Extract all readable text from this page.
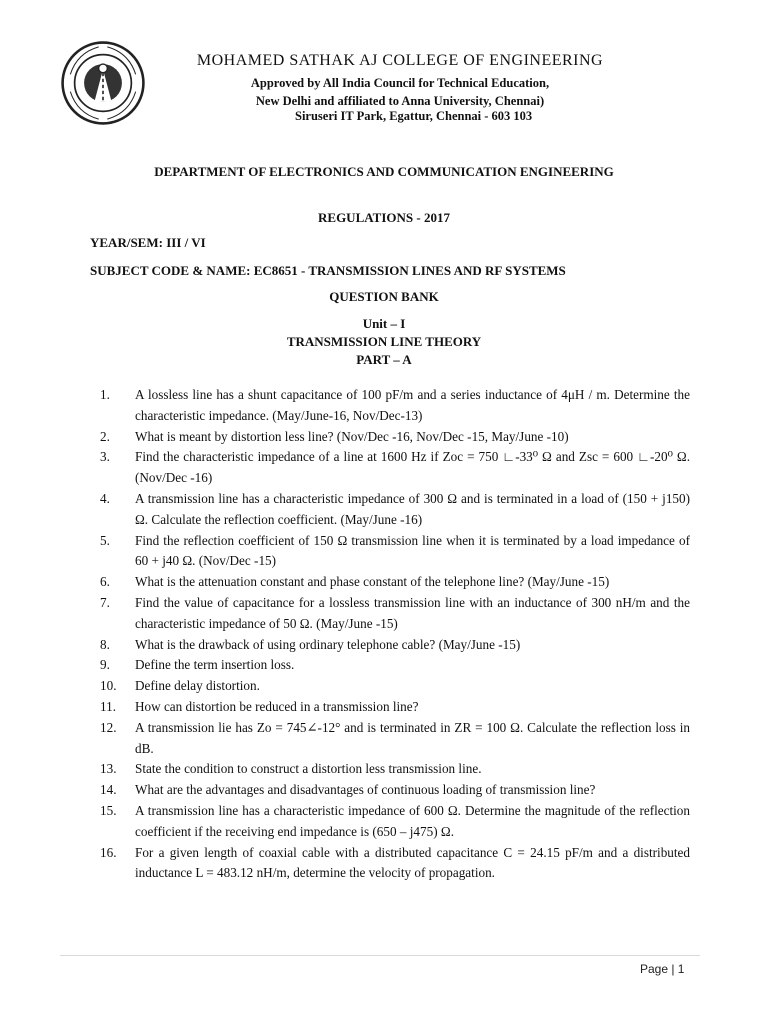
MOHAMED SATHAK AJ COLLEGE OF ENGINEERING
Approved by All India Council for Technical Education,
New Delhi and affiliated to Anna University, Chennai)
Siruseri IT Park, Egattur, Chennai - 603 103
DEPARTMENT OF ELECTRONICS AND COMMUNICATION ENGINEERING
REGULATIONS - 2017
YEAR/SEM: III / VI
SUBJECT CODE & NAME: EC8651 - TRANSMISSION LINES AND RF SYSTEMS
QUESTION BANK
Unit – I
TRANSMISSION LINE THEORY
PART – A
1.	A lossless line has a shunt capacitance of 100 pF/m and a series inductance of 4μH / m. Determine the characteristic impedance. (May/June-16, Nov/Dec-13)
2.	What is meant by distortion less line? (Nov/Dec -16, Nov/Dec -15, May/June -10)
3.	Find the characteristic impedance of a line at 1600 Hz if Zoc = 750 ∟-33⁰ Ω and Zsc = 600 ∟-20⁰ Ω. (Nov/Dec -16)
4.	A transmission line has a characteristic impedance of 300 Ω and is terminated in a load of (150 + j150) Ω. Calculate the reflection coefficient. (May/June -16)
5.	Find the reflection coefficient of 150 Ω transmission line when it is terminated by a load impedance of 60 + j40 Ω. (Nov/Dec -15)
6.	What is the attenuation constant and phase constant of the telephone line? (May/June -15)
7.	Find the value of capacitance for a lossless transmission line with an inductance of 300 nH/m and the characteristic impedance of 50 Ω. (May/June -15)
8.	What is the drawback of using ordinary telephone cable? (May/June -15)
9.	Define the term insertion loss.
10.	Define delay distortion.
11.	How can distortion be reduced in a transmission line?
12.	A transmission lie has Zo = 745∠-12° and is terminated in ZR = 100 Ω. Calculate the reflection loss in dB.
13.	State the condition to construct a distortion less transmission line.
14.	What are the advantages and disadvantages of continuous loading of transmission line?
15.	A transmission line has a characteristic impedance of 600 Ω. Determine the magnitude of the reflection coefficient if the receiving end impedance is (650 – j475) Ω.
16.	For a given length of coaxial cable with a distributed capacitance C = 24.15 pF/m and a distributed inductance L = 483.12 nH/m, determine the velocity of propagation.
Page | 1
